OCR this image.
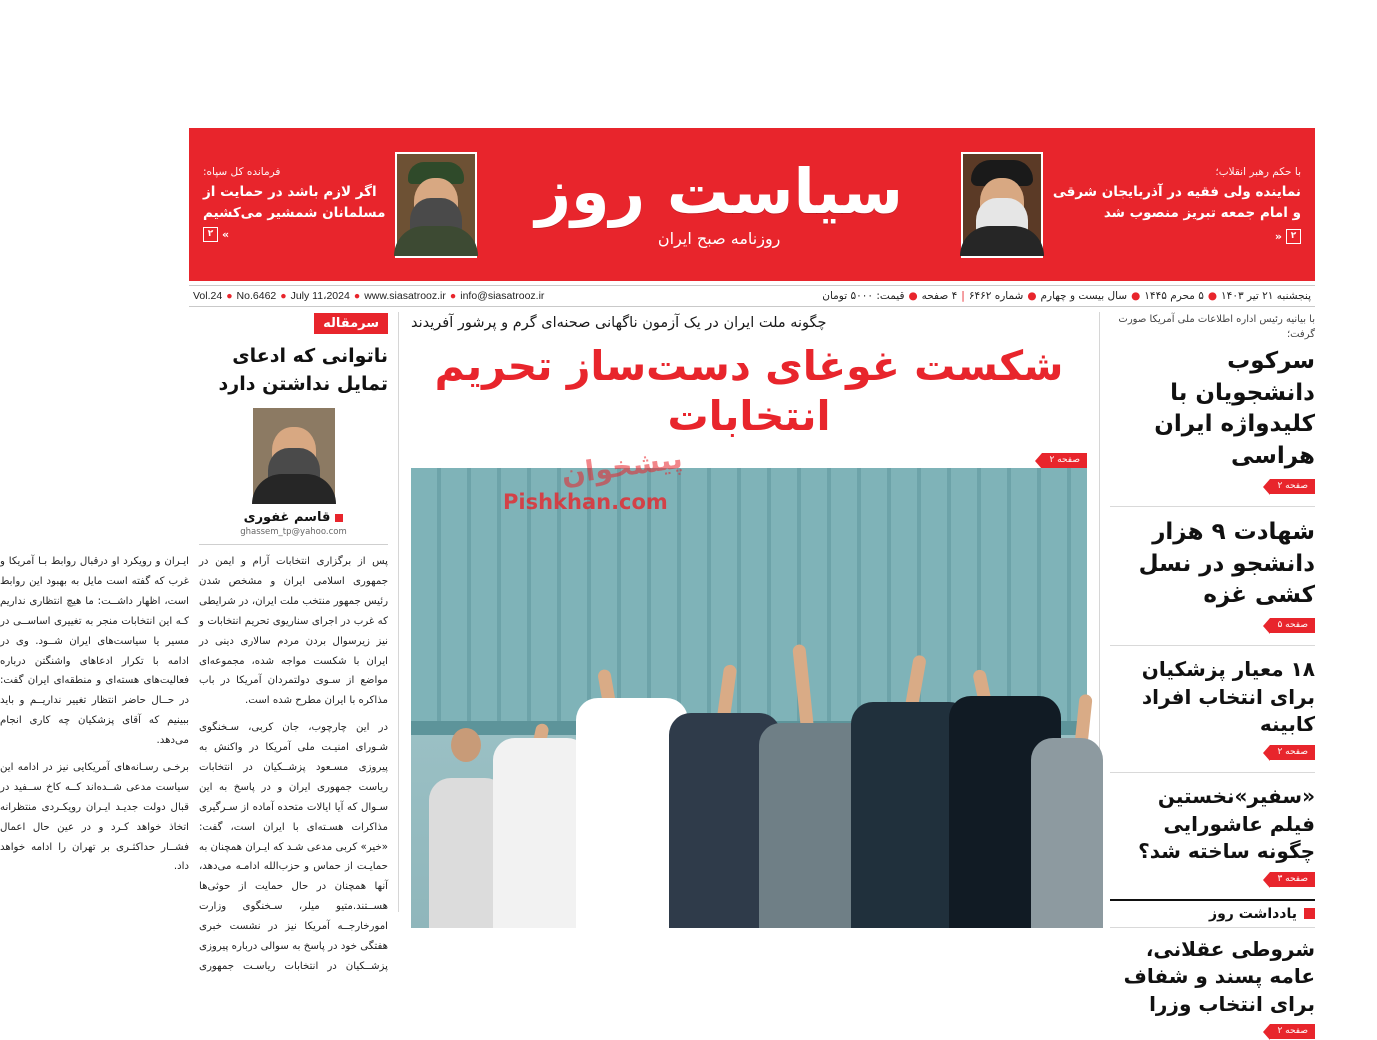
با حکم رهبر انقلاب؛
نماینده ولی فقیه در آذربایجان شرقی
و امام جمعه تبریز منصوب شد
۲
«
سیاست روز
روزنامه صبح ایران
فرمانده کل سپاه:
اگر لازم باشد در حمایت از
مسلمانان شمشیر می‌کشیم
»
۲
پنجشنبه ۲۱ تیر ۱۴۰۳●۵ محرم ۱۴۴۵●سال بیست و چهارم●شماره ۶۴۶۲|۴ صفحه●قیمت: ۵۰۰۰ تومان
Vol.24 ● No.6462 ● July 11،2024 ● www.siasatrooz.ir ● info@siasatrooz.ir
با بیانیه رئیس اداره اطلاعات ملی آمریکا صورت گرفت؛
سرکوب دانشجویان با کلیدواژه ایران هراسی
صفحه ۲
شهادت ۹ هزار دانشجو در نسل کشی غزه
صفحه ۵
۱۸ معیار پزشکیان برای انتخاب افراد کابینه
صفحه ۲
«سفیر»نخستین فیلم عاشورایی چگونه ساخته شد؟
صفحه ۳
یادداشت روز
شروطی عقلانی، عامه پسند و شفاف برای انتخاب وزرا
صفحه ۲
چگونه ملت ایران در یک آزمون ناگهانی صحنه‌ای گرم و پرشور آفریدند
شکست غوغای دست‌ساز تحریم انتخابات
صفحه ۲
Pishkhan.com
پیشخوان
سرمقاله
ناتوانی که ادعای تمایل نداشتن دارد
قاسم غفوری
ghassem_tp@yahoo.com

پس از برگزاری انتخابات آرام و ایمن در جمهوری اسلامی ایران و مشخص شدن رئیس جمهور منتخب ملت ایران، در شرایطی که غرب در اجرای سناریوی تحریم انتخابات و نیز زیرسوال بردن مردم سالاری دینی در ایران با شکست مواجه شده، مجموعه‌ای مواضع از سـوی دولتمردان آمریکا در باب مذاکره با ایران مطرح شده است.

در این چارچوب، جان کربی، سـخنگوی شـورای امنیـت ملی آمریکا در واکنش به پیروزی مسـعود پزشــکیان در انتخابات ریاست جمهوری ایران و در پاسخ به این سـوال که آیا ایالات متحده آماده از سـرگیری مذاکرات هسـته‌ای با ایران است، گفت: «خیر» کربی مدعی شـد که ایـران همچنان به حمایـت از حماس و حزب‌الله ادامـه می‌دهد، آنها همچنان در حال حمایت از حوثی‌ها هســتند.متیو میلر، سـخنگوی وزارت امورخارجــه آمریکا نیز در نشست خبری هفتگی خود در پاسخ به سوالی درباره پیروزی پزشــکیان در انتخابات ریاسـت جمهوری ایـران و رویکرد او درقبال روابط بـا آمریکا و غرب که گفته است مایل به بهبود این روابط است، اظهار داشــت: ما هیچ انتظاری نداریم کـه این انتخابات منجر به تغییری اساســی در مسیر یا سیاست‌های ایران شــود. وی در ادامه با تکرار ادعاهای واشنگتن درباره فعالیت‌های هسته‌ای و منطقه‌ای ایران گفت: در حــال حاضر انتظار تغییر نداریــم و باید ببینیم که آقای پزشکیان چه کاری انجام می‌دهد.

برخـی رسـانه‌های آمریکایی نیز در ادامه این سیاست مدعی شــده‌اند کــه کاخ ســفید در قبال دولت جدیـد ایـران رویکـردی منتظرانه اتخاذ خواهد کـرد و در عین حال اعمال فشــار حداکثـری بر تهران را ادامه خواهد داد.
